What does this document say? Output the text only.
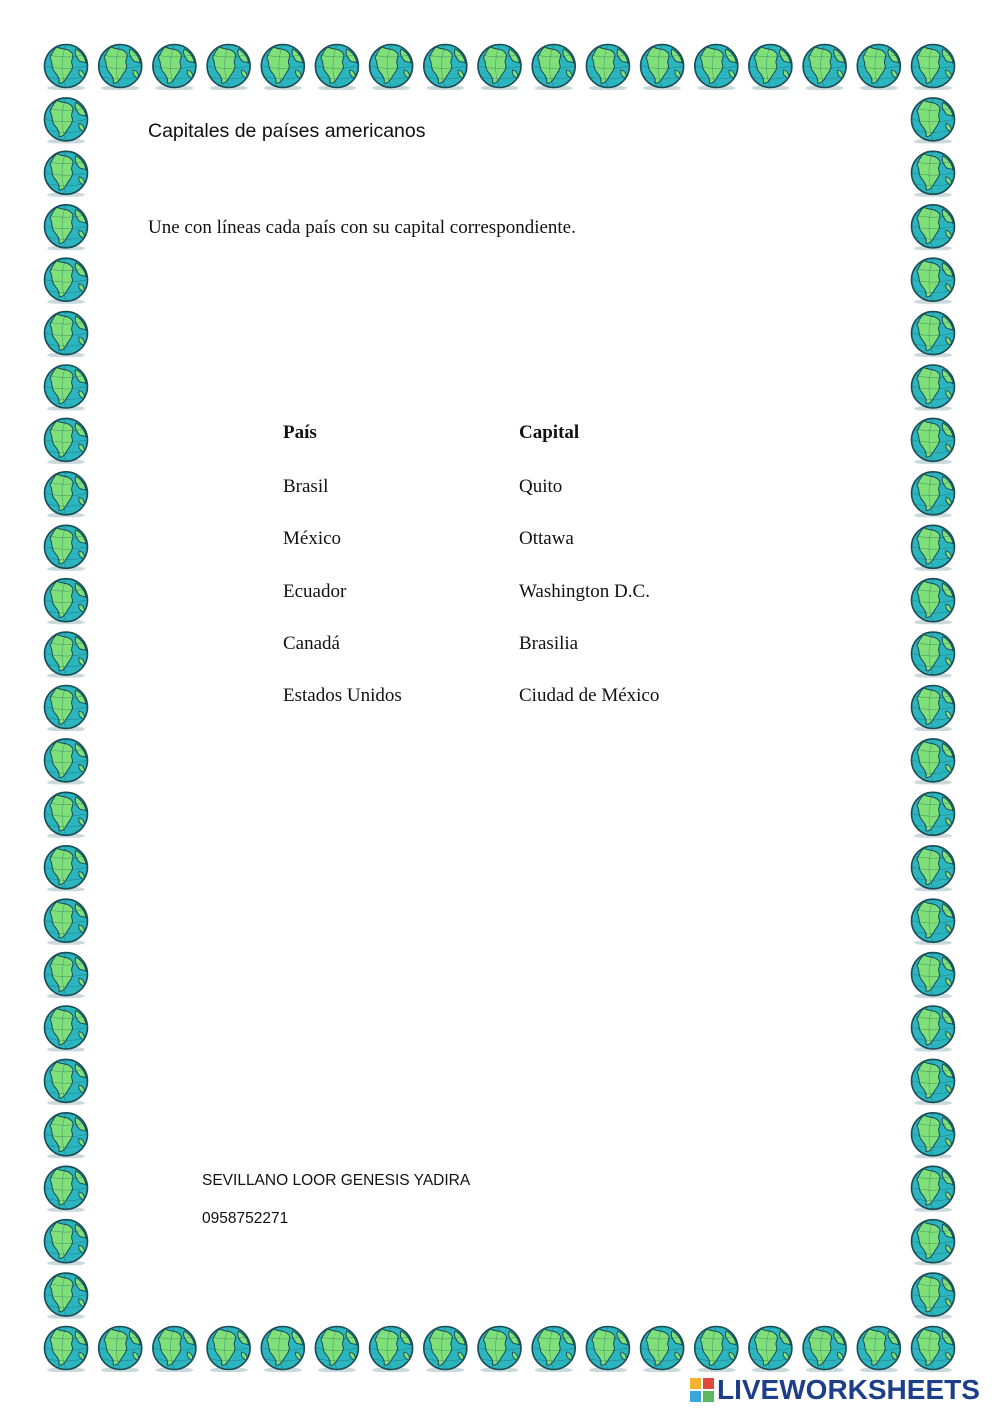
Capitales de países americanos
Une con líneas cada país con su capital correspondiente.
País
Brasil
México
Ecuador
Canadá
Estados Unidos
Capital
Quito
Ottawa
Washington D.C.
Brasilia
Ciudad de México
SEVILLANO LOOR GENESIS YADIRA
0958752271
LIVEWORKSHEETS
